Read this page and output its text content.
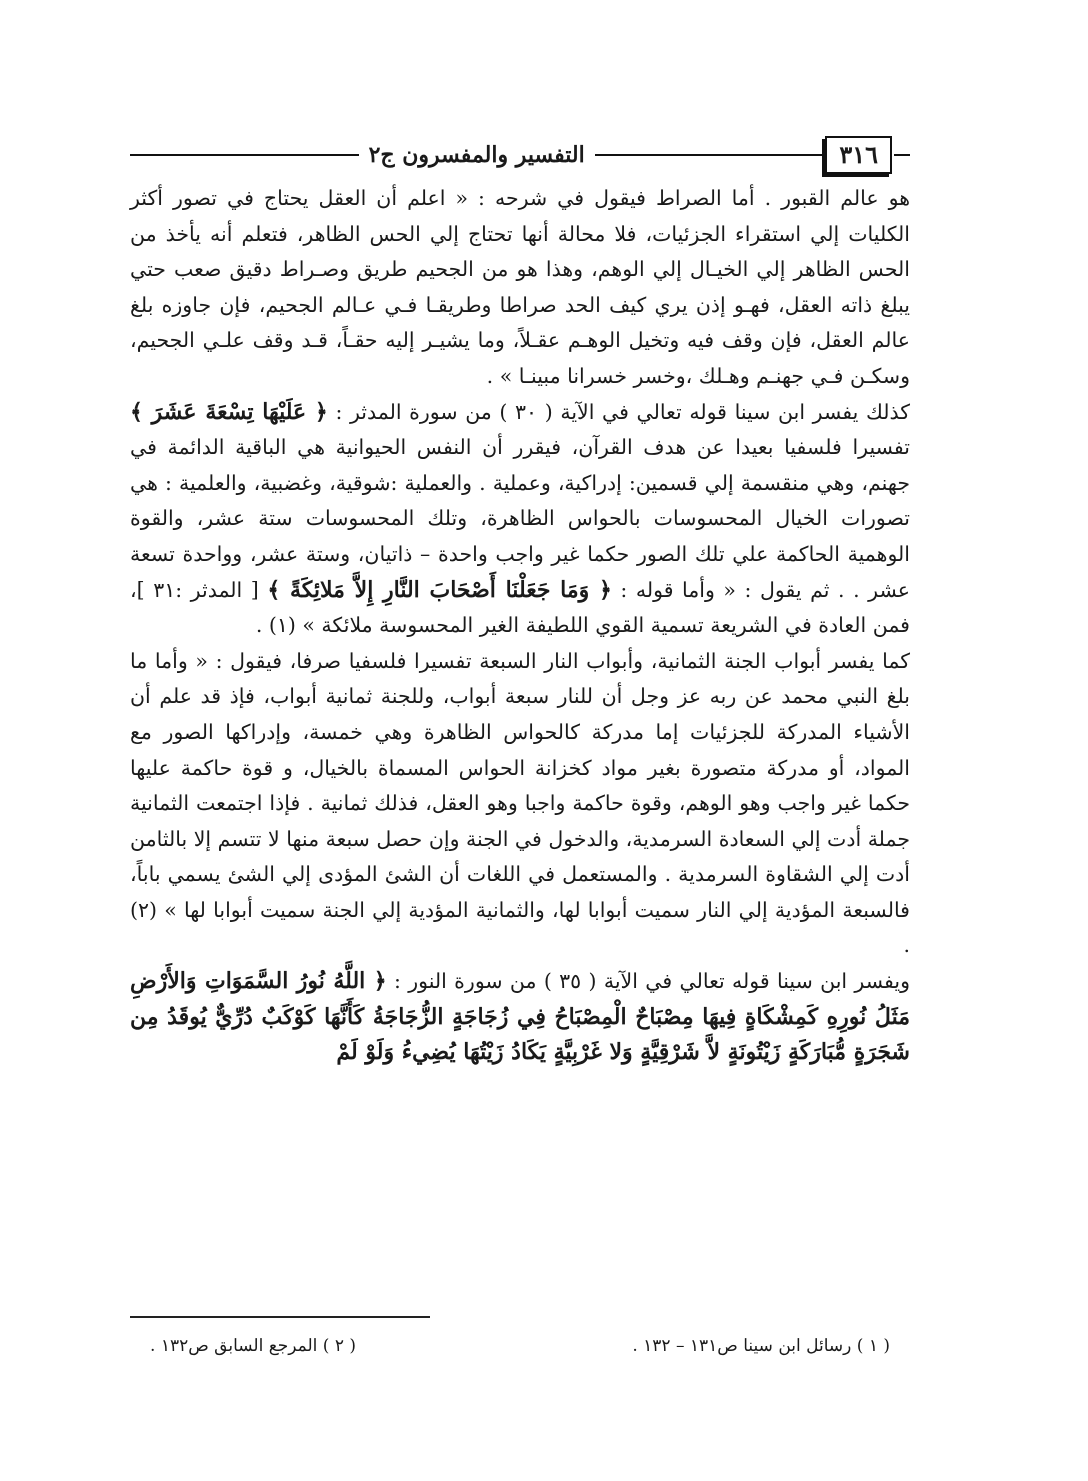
٣١٦
التفسير والمفسرون ج٢

هو عالم القبور . أما الصراط فيقول في شرحه : « اعلم أن العقل يحتاج في تصور أكثر الكليات إلي استقراء الجزئيات، فلا محالة أنها تحتاج إلي الحس الظاهر، فتعلم أنه يأخذ من الحس الظاهر إلي الخيـال إلي الوهم، وهذا هو من الجحيم طريق وصـراط دقيق صعب حتي يبلغ ذاته العقل، فهـو إذن يري كيف الحد صراطا وطريقـا فـي عـالم الجحيم، فإن جاوزه بلغ عالم العقل، فإن وقف فيه وتخيل الوهـم عقـلاً، وما يشيـر إليه حقـاً، قـد وقف علـي الجحيم، وسكـن فـي جهنـم وهـلك ،وخسر خسرانا مبينـا » .

كذلك يفسر ابن سينا قوله تعالي في الآية ( ٣٠ ) من سورة المدثر : ﴿ عَلَيْهَا تِسْعَةَ عَشَرَ ﴾ تفسيرا فلسفيا بعيدا عن هدف القرآن، فيقرر أن النفس الحيوانية هي الباقية الدائمة في جهنم، وهي منقسمة إلي قسمين: إدراكية، وعملية . والعملية :شوقية، وغضبية، والعلمية : هي تصورات الخيال المحسوسات بالحواس الظاهرة، وتلك المحسوسات ستة عشر، والقوة الوهمية الحاكمة علي تلك الصور حكما غير واجب واحدة – ذاتيان، وستة عشر، وواحدة تسعة عشر . . ثم يقول : « وأما قوله : ﴿ وَمَا جَعَلْنَا أَصْحَابَ النَّارِ إِلاَّ مَلائِكَةً ﴾ [ المدثر :٣١ ]، فمن العادة في الشريعة تسمية القوي اللطيفة الغير المحسوسة ملائكة » (١) .

كما يفسر أبواب الجنة الثمانية، وأبواب النار السبعة تفسيرا فلسفيا صرفا، فيقول : « وأما ما بلغ النبي محمد عن ربه عز وجل أن للنار سبعة أبواب، وللجنة ثمانية أبواب، فإذ قد علم أن الأشياء المدركة للجزئيات إما مدركة كالحواس الظاهرة وهي خمسة، وإدراكها الصور مع المواد، أو مدركة متصورة بغير مواد كخزانة الحواس المسماة بالخيال، و قوة حاكمة عليها حكما غير واجب وهو الوهم، وقوة حاكمة واجبا وهو العقل، فذلك ثمانية . فإذا اجتمعت الثمانية جملة أدت إلي السعادة السرمدية، والدخول في الجنة وإن حصل سبعة منها لا تتسم إلا بالثامن أدت إلي الشقاوة السرمدية . والمستعمل في اللغات أن الشئ المؤدى إلي الشئ يسمي باباً، فالسبعة المؤدية إلي النار سميت أبوابا لها، والثمانية المؤدية إلي الجنة سميت أبوابا لها » (٢) .

ويفسر ابن سينا قوله تعالي في الآية ( ٣٥ ) من سورة النور : ﴿ اللَّهُ نُورُ السَّمَوَاتِ وَالأَرْضِ مَثَلُ نُورِهِ كَمِشْكَاةٍ فِيهَا مِصْبَاحٌ الْمِصْبَاحُ فِي زُجَاجَةٍ الزُّجَاجَةُ كَأَنَّهَا كَوْكَبٌ دُرِّيٌّ يُوقَدُ مِن شَجَرَةٍ مُّبَارَكَةٍ زَيْتُونَةٍ لاَّ شَرْقِيَّةٍ وَلا غَرْبِيَّةٍ يَكَادُ زَيْتُهَا يُضِيءُ وَلَوْ لَمْ

( ١ ) رسائل ابن سينا ص١٣١ – ١٣٢ .
( ٢ ) المرجع السابق ص١٣٢ .
